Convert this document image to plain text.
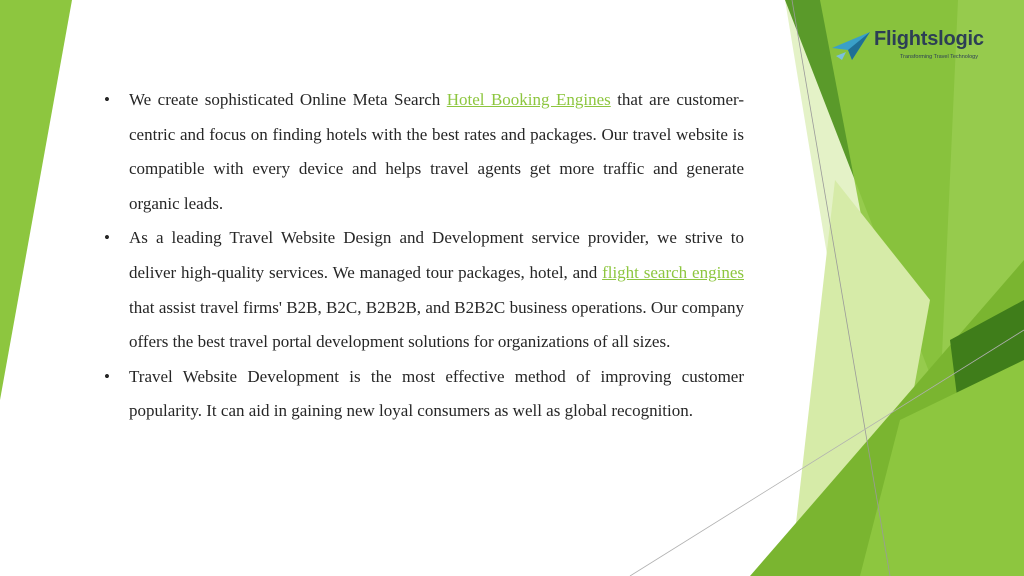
Flightslogic
Transforming Travel Technology
• We create sophisticated Online Meta Search Hotel Booking Engines that are customer-centric and focus on finding hotels with the best rates and packages. Our travel website is compatible with every device and helps travel agents get more traffic and generate organic leads.
• As a leading Travel Website Design and Development service provider, we strive to deliver high-quality services. We managed tour packages, hotel, and flight search engines that assist travel firms' B2B, B2C, B2B2B, and B2B2C business operations. Our company offers the best travel portal development solutions for organizations of all sizes.
• Travel Website Development is the most effective method of improving customer popularity. It can aid in gaining new loyal consumers as well as global recognition.
